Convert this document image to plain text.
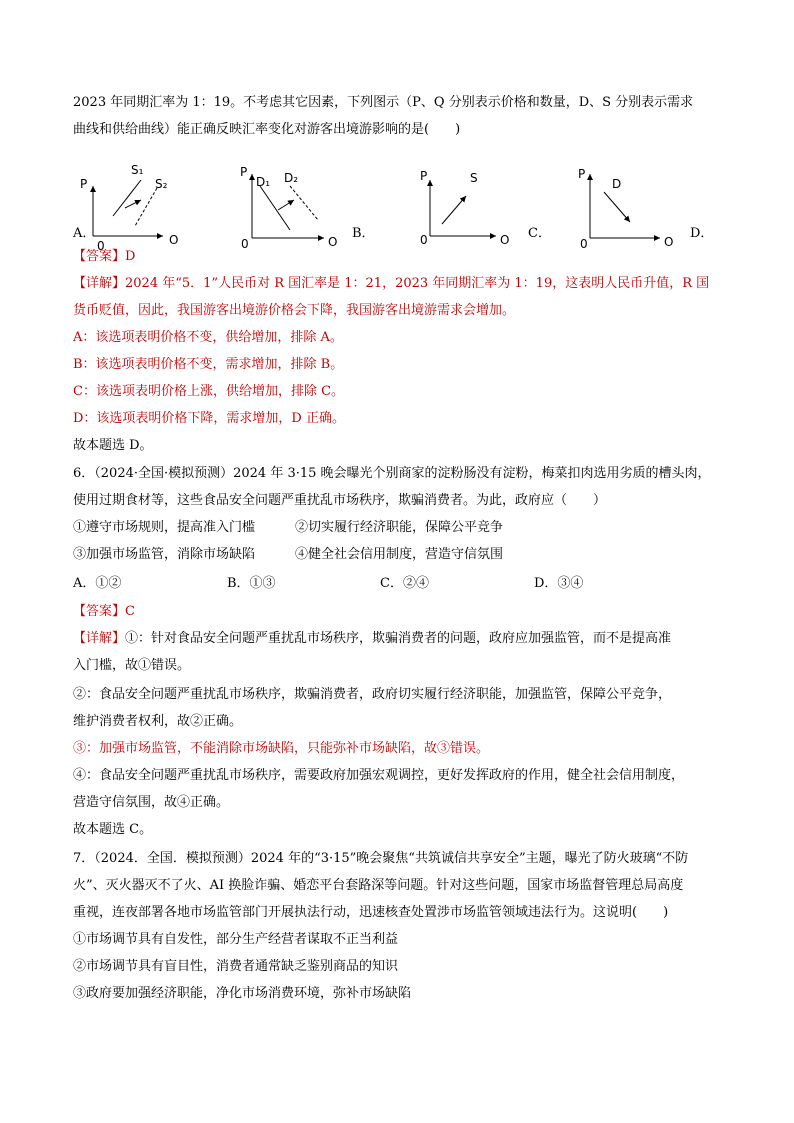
2023 年同期汇率为 1：19。不考虑其它因素，下列图示（P、Q 分别表示价格和数量，D、S 分别表示需求
曲线和供给曲线）能正确反映汇率变化对游客出境游影响的是(　　)
A．
P
O
0
S₁
S₂
P
O
0
D₁ D₂
B．
P
O
0
S
C．
P
O
0
D
D．
【答案】D
【详解】2024 年“5．1”人民币对 R 国汇率是 1：21，2023 年同期汇率为 1：19，这表明人民币升值，R 国
货币贬值，因此，我国游客出境游价格会下降，我国游客出境游需求会增加。
A：该选项表明价格不变，供给增加，排除 A。
B：该选项表明价格不变，需求增加，排除 B。
C：该选项表明价格上涨，供给增加，排除 C。
D：该选项表明价格下降，需求增加，D 正确。
故本题选 D。
6．（2024·全国·模拟预测）2024 年 3·15 晚会曝光个别商家的淀粉肠没有淀粉，梅菜扣肉选用劣质的槽头肉，
使用过期食材等，这些食品安全问题严重扰乱市场秩序，欺骗消费者。为此，政府应（　　）
①遵守市场规则，提高准入门槛	②切实履行经济职能，保障公平竞争
③加强市场监管，消除市场缺陷	④健全社会信用制度，营造守信氛围
A．①②	B．①③	C．②④	D．③④
【答案】C
【详解】①：针对食品安全问题严重扰乱市场秩序，欺骗消费者的问题，政府应加强监管，而不是提高准
入门槛，故①错误。
②：食品安全问题严重扰乱市场秩序，欺骗消费者，政府切实履行经济职能，加强监管，保障公平竞争，
维护消费者权利，故②正确。
③：加强市场监管，不能消除市场缺陷，只能弥补市场缺陷，故③错误。
④：食品安全问题严重扰乱市场秩序，需要政府加强宏观调控，更好发挥政府的作用，健全社会信用制度，
营造守信氛围，故④正确。
故本题选 C。
7．（2024．全国．模拟预测）2024 年的“3·15”晚会聚焦“共筑诚信共享安全”主题，曝光了防火玻璃“不防
火”、灭火器灭不了火、AI 换脸诈骗、婚恋平台套路深等问题。针对这些问题，国家市场监督管理总局高度
重视，连夜部署各地市场监管部门开展执法行动，迅速核查处置涉市场监管领域违法行为。这说明(　　)
①市场调节具有自发性，部分生产经营者谋取不正当利益
②市场调节具有盲目性，消费者通常缺乏鉴别商品的知识
③政府要加强经济职能，净化市场消费环境，弥补市场缺陷
